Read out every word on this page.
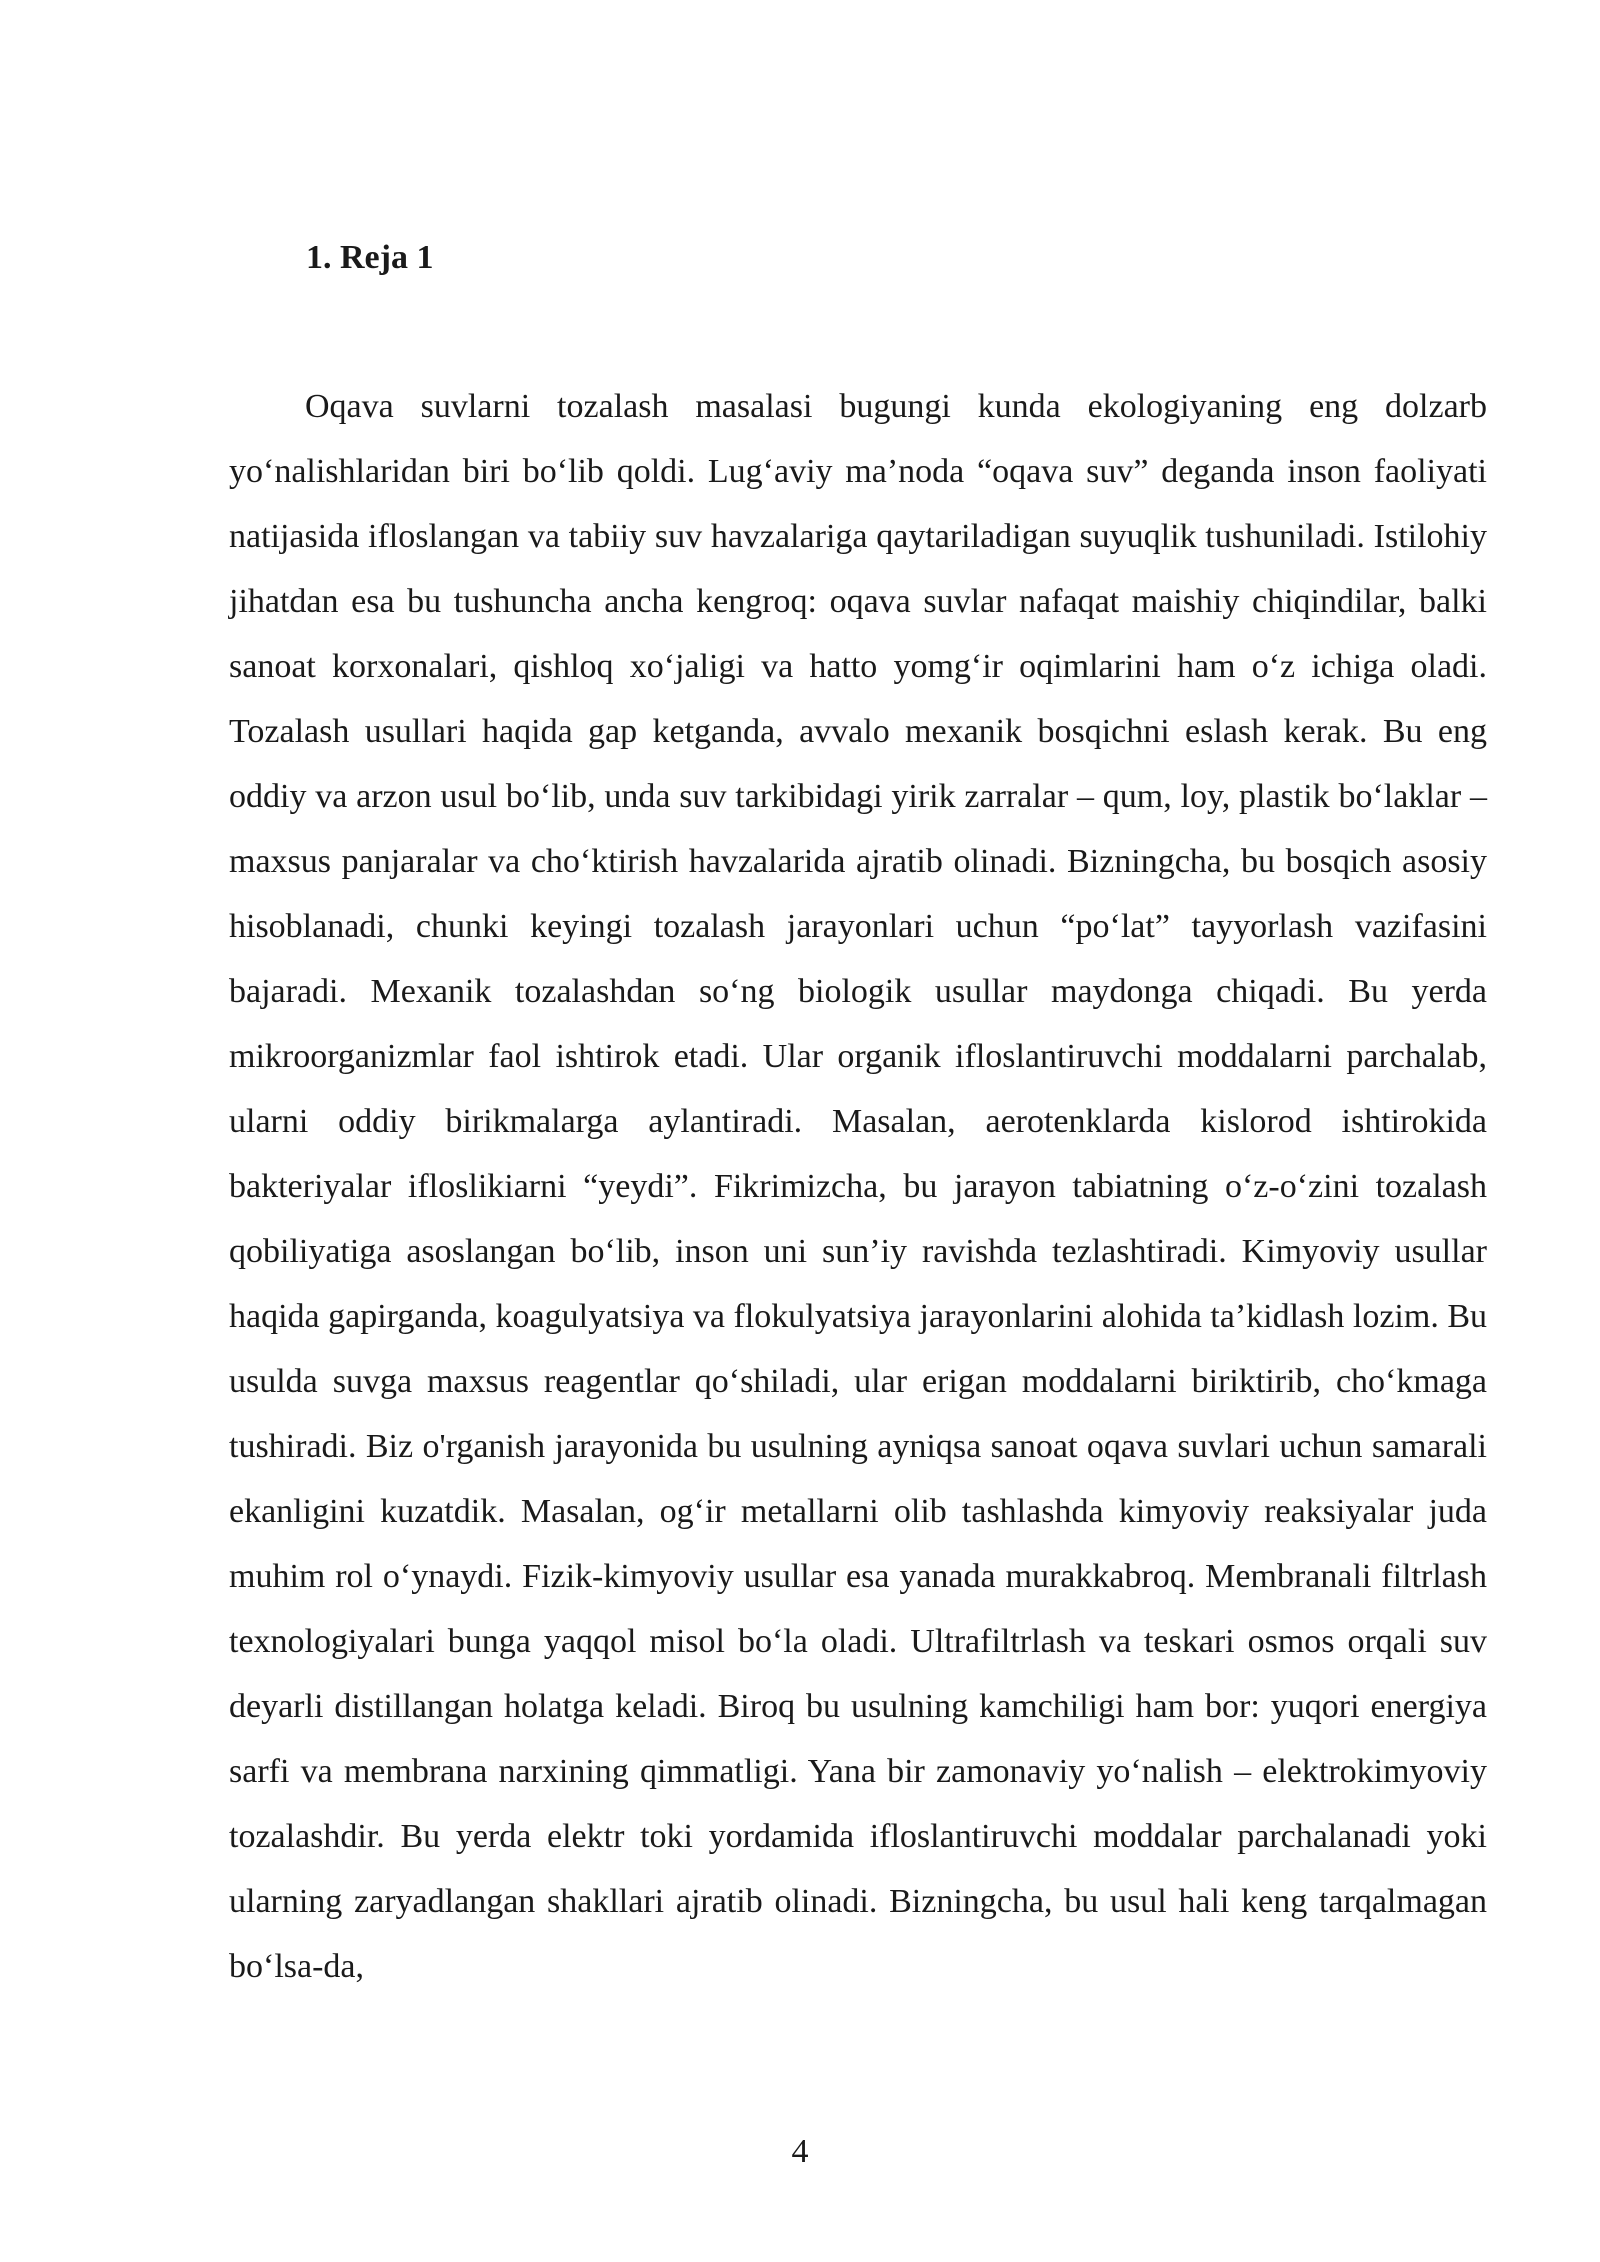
1. Reja 1

Oqava suvlarni tozalash masalasi bugungi kunda ekologiyaning eng dolzarb yo‘nalishlaridan biri bo‘lib qoldi. Lug‘aviy ma’noda “oqava suv” deganda inson faoliyati natijasida ifloslangan va tabiiy suv havzalariga qaytariladigan suyuqlik tushuniladi. Istilohiy jihatdan esa bu tushuncha ancha kengroq: oqava suvlar nafaqat maishiy chiqindilar, balki sanoat korxonalari, qishloq xo‘jaligi va hatto yomg‘ir oqimlarini ham o‘z ichiga oladi. Tozalash usullari haqida gap ketganda, avvalo mexanik bosqichni eslash kerak. Bu eng oddiy va arzon usul bo‘lib, unda suv tarkibidagi yirik zarralar – qum, loy, plastik bo‘laklar – maxsus panjaralar va cho‘ktirish havzalarida ajratib olinadi. Bizningcha, bu bosqich asosiy hisoblanadi, chunki keyingi tozalash jarayonlari uchun “po‘lat” tayyorlash vazifasini bajaradi. Mexanik tozalashdan so‘ng biologik usullar maydonga chiqadi. Bu yerda mikroorganizmlar faol ishtirok etadi. Ular organik ifloslantiruvchi moddalarni parchalab, ularni oddiy birikmalarga aylantiradi. Masalan, aerotenklarda kislorod ishtirokida bakteriyalar ifloslikiarni “yeydi”. Fikrimizcha, bu jarayon tabiatning o‘z-o‘zini tozalash qobiliyatiga asoslangan bo‘lib, inson uni sun’iy ravishda tezlashtiradi. Kimyoviy usullar haqida gapirganda, koagulyatsiya va flokulyatsiya jarayonlarini alohida ta’kidlash lozim. Bu usulda suvga maxsus reagentlar qo‘shiladi, ular erigan moddalarni biriktirib, cho‘kmaga tushiradi. Biz o'rganish jarayonida bu usulning ayniqsa sanoat oqava suvlari uchun samarali ekanligini kuzatdik. Masalan, og‘ir metallarni olib tashlashda kimyoviy reaksiyalar juda muhim rol o‘ynaydi. Fizik-kimyoviy usullar esa yanada murakkabroq. Membranali filtrlash texnologiyalari bunga yaqqol misol bo‘la oladi. Ultrafiltrlash va teskari osmos orqali suv deyarli distillangan holatga keladi. Biroq bu usulning kamchiligi ham bor: yuqori energiya sarfi va membrana narxining qimmatligi. Yana bir zamonaviy yo‘nalish – elektrokimyoviy tozalashdir. Bu yerda elektr toki yordamida ifloslantiruvchi moddalar parchalanadi yoki ularning zaryadlangan shakllari ajratib olinadi. Bizningcha, bu usul hali keng tarqalmagan bo‘lsa-da,

4
